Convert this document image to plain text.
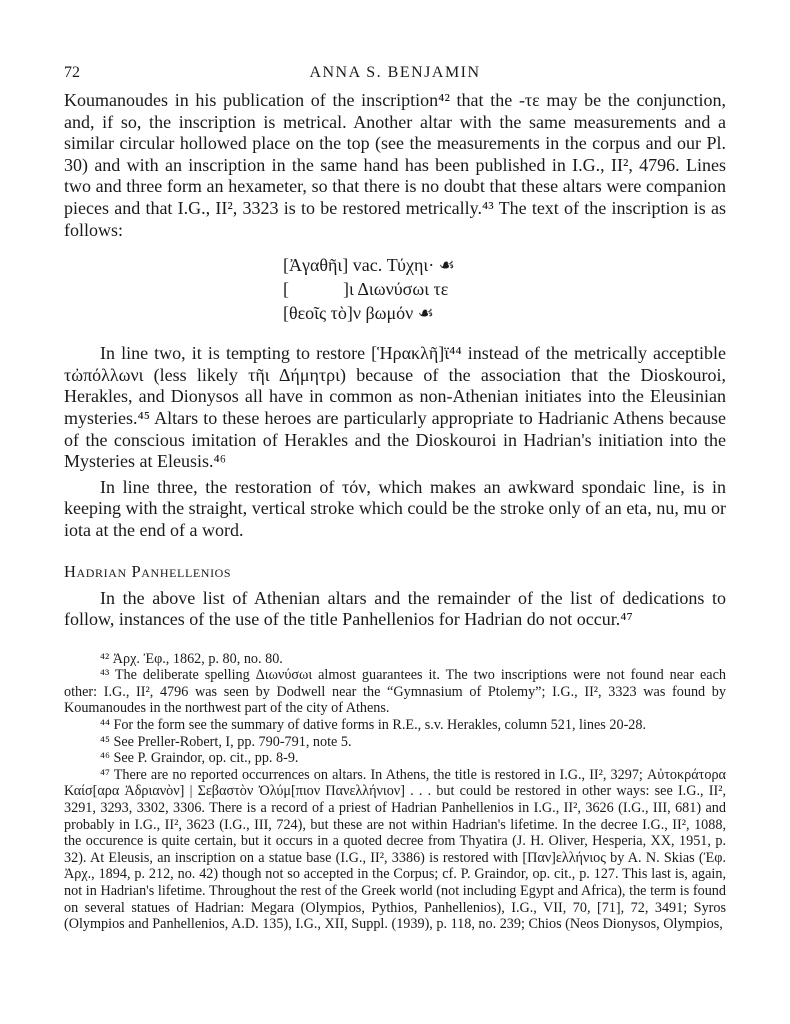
72	ANNA S. BENJAMIN

Koumanoudes in his publication of the inscription⁴² that the -τε may be the conjunction, and, if so, the inscription is metrical. Another altar with the same measurements and a similar circular hollowed place on the top (see the measurements in the corpus and our Pl. 30) and with an inscription in the same hand has been published in I.G., II², 4796. Lines two and three form an hexameter, so that there is no doubt that these altars were companion pieces and that I.G., II², 3323 is to be restored metrically.⁴³ The text of the inscription is as follows:

[Ἀγαθῆι] vac. Τύχηι· ☙
[            ]ι Διωνύσωι τε
[θεοῖς τὸ]ν βωμόν ☙

In line two, it is tempting to restore [Ἡρακλῆ]ϊ⁴⁴ instead of the metrically acceptible τὠπόλλωνι (less likely τῆι Δήμητρι) because of the association that the Dioskouroi, Herakles, and Dionysos all have in common as non-Athenian initiates into the Eleusinian mysteries.⁴⁵ Altars to these heroes are particularly appropriate to Hadrianic Athens because of the conscious imitation of Herakles and the Dioskouroi in Hadrian's initiation into the Mysteries at Eleusis.⁴⁶

In line three, the restoration of τόν, which makes an awkward spondaic line, is in keeping with the straight, vertical stroke which could be the stroke only of an eta, nu, mu or iota at the end of a word.

Hadrian Panhellenios

In the above list of Athenian altars and the remainder of the list of dedications to follow, instances of the use of the title Panhellenios for Hadrian do not occur.⁴⁷

⁴² Ἀρχ. Ἐφ., 1862, p. 80, no. 80.

⁴³ The deliberate spelling Διωνύσωι almost guarantees it. The two inscriptions were not found near each other: I.G., II², 4796 was seen by Dodwell near the “Gymnasium of Ptolemy”; I.G., II², 3323 was found by Koumanoudes in the northwest part of the city of Athens.

⁴⁴ For the form see the summary of dative forms in R.E., s.v. Herakles, column 521, lines 20-28.

⁴⁵ See Preller-Robert, I, pp. 790-791, note 5.

⁴⁶ See P. Graindor, op. cit., pp. 8-9.

⁴⁷ There are no reported occurrences on altars. In Athens, the title is restored in I.G., II², 3297; Αὐτοκράτορα Καίσ[αρα Ἀδριανὸν] | Σεβαστὸν Ὀλύμ[πιον Πανελλήνιον] . . . but could be restored in other ways: see I.G., II², 3291, 3293, 3302, 3306. There is a record of a priest of Hadrian Panhellenios in I.G., II², 3626 (I.G., III, 681) and probably in I.G., II², 3623 (I.G., III, 724), but these are not within Hadrian's lifetime. In the decree I.G., II², 1088, the occurence is quite certain, but it occurs in a quoted decree from Thyatira (J. H. Oliver, Hesperia, XX, 1951, p. 32). At Eleusis, an inscription on a statue base (I.G., II², 3386) is restored with [Παν]ελλήνιος by A. N. Skias (Ἐφ. Ἀρχ., 1894, p. 212, no. 42) though not so accepted in the Corpus; cf. P. Graindor, op. cit., p. 127. This last is, again, not in Hadrian's lifetime. Throughout the rest of the Greek world (not including Egypt and Africa), the term is found on several statues of Hadrian: Megara (Olympios, Pythios, Panhellenios), I.G., VII, 70, [71], 72, 3491; Syros (Olympios and Panhellenios, A.D. 135), I.G., XII, Suppl. (1939), p. 118, no. 239; Chios (Neos Dionysos, Olympios,
